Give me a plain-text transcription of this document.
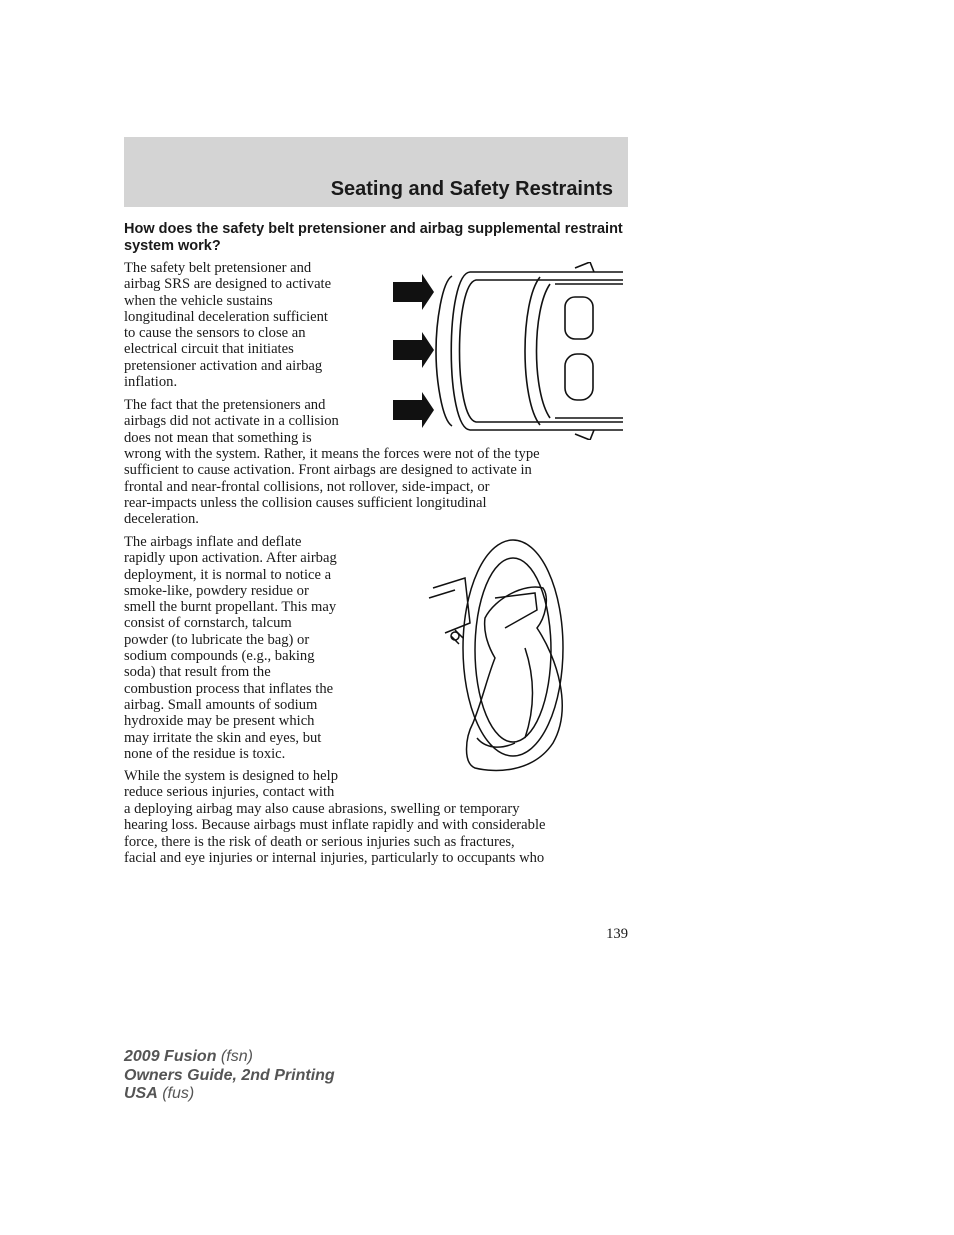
Seating and Safety Restraints
How does the safety belt pretensioner and airbag supplemental restraint system work?

The safety belt pretensioner and
airbag SRS are designed to activate
when the vehicle sustains
longitudinal deceleration sufficient
to cause the sensors to close an
electrical circuit that initiates
pretensioner activation and airbag
inflation.

The fact that the pretensioners and
airbags did not activate in a collision
does not mean that something is

wrong with the system. Rather, it means the forces were not of the type
sufficient to cause activation. Front airbags are designed to activate in
frontal and near-frontal collisions, not rollover, side-impact, or
rear-impacts unless the collision causes sufficient longitudinal
deceleration.

The airbags inflate and deflate
rapidly upon activation. After airbag
deployment, it is normal to notice a
smoke-like, powdery residue or
smell the burnt propellant. This may
consist of cornstarch, talcum
powder (to lubricate the bag) or
sodium compounds (e.g., baking
soda) that result from the
combustion process that inflates the
airbag. Small amounts of sodium
hydroxide may be present which
may irritate the skin and eyes, but
none of the residue is toxic.

While the system is designed to help
reduce serious injuries, contact with

a deploying airbag may also cause abrasions, swelling or temporary
hearing loss. Because airbags must inflate rapidly and with considerable
force, there is the risk of death or serious injuries such as fractures,
facial and eye injuries or internal injuries, particularly to occupants who

139
2009 Fusion (fsn)
Owners Guide, 2nd Printing
USA (fus)
